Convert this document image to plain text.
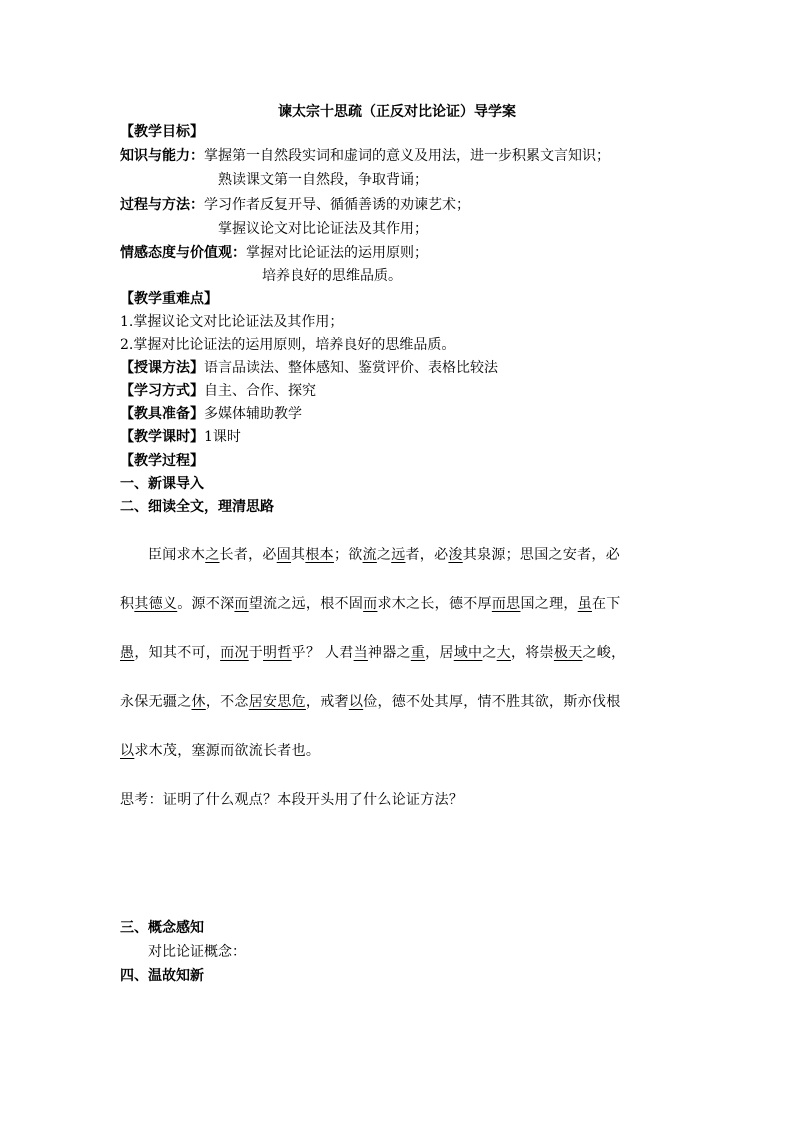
谏太宗十思疏（正反对比论证）导学案
【教学目标】
知识与能力：掌握第一自然段实词和虚词的意义及用法，进一步积累文言知识；
熟读课文第一自然段，争取背诵；
过程与方法：学习作者反复开导、循循善诱的劝谏艺术；
掌握议论文对比论证法及其作用；
情感态度与价值观：掌握对比论证法的运用原则；
培养良好的思维品质。
【教学重难点】
1.掌握议论文对比论证法及其作用；
2.掌握对比论证法的运用原则，培养良好的思维品质。
【授课方法】语言品读法、整体感知、鉴赏评价、表格比较法
【学习方式】自主、合作、探究
【教具准备】多媒体辅助教学
【教学课时】1课时
【教学过程】
一、新课导入
二、细读全文，理清思路
臣闻求木之长者，必固其根本；欲流之远者，必浚其泉源；思国之安者，必
积其德义。源不深而望流之远，根不固而求木之长，德不厚而思国之理，虽在下
愚，知其不可，而况于明哲乎？ 人君当神器之重，居域中之大，将崇极天之峻，
永保无疆之休，不念居安思危，戒奢以俭，德不处其厚，情不胜其欲，斯亦伐根
以求木茂，塞源而欲流长者也。
思考：证明了什么观点？本段开头用了什么论证方法？
三、概念感知
对比论证概念：
四、温故知新
